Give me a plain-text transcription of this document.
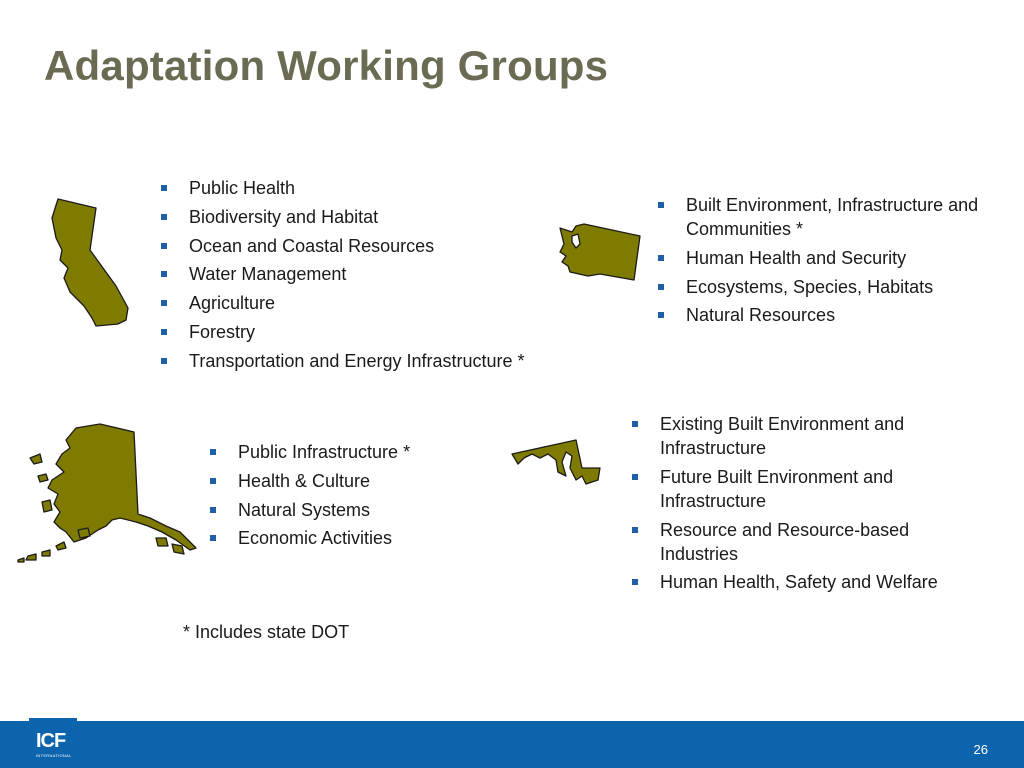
Adaptation Working Groups
Public Health
Biodiversity and Habitat
Ocean and Coastal Resources
Water Management
Agriculture
Forestry
Transportation and Energy Infrastructure *
Built Environment, Infrastructure and Communities *
Human Health and Security
Ecosystems, Species, Habitats
Natural Resources
Public Infrastructure *
Health & Culture
Natural Systems
Economic Activities
Existing Built Environment and Infrastructure
Future Built Environment and Infrastructure
Resource and Resource-based Industries
Human Health, Safety and Welfare
* Includes state DOT
ICF
INTERNATIONAL	26
